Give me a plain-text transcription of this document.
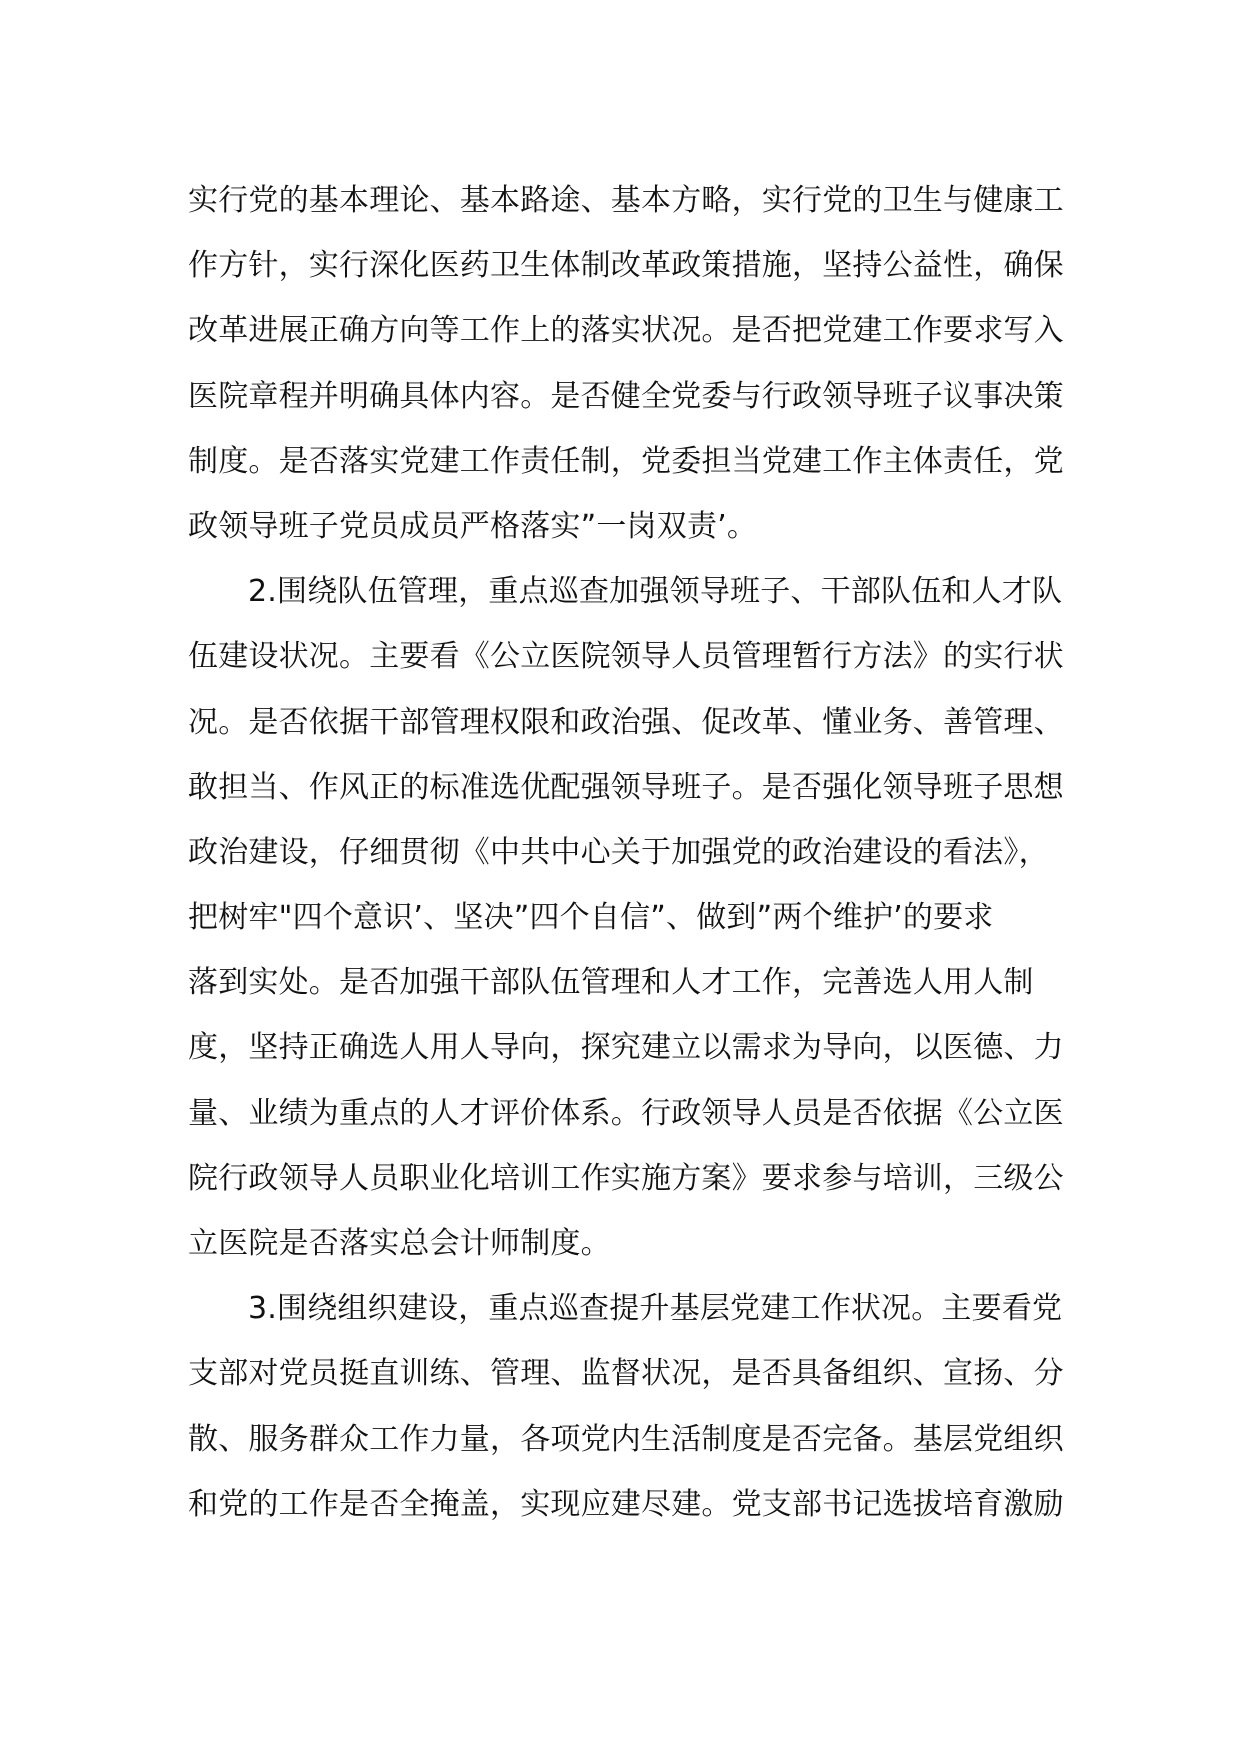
实行党的基本理论、基本路途、基本方略，实行党的卫生与健康工
作方针，实行深化医药卫生体制改革政策措施，坚持公益性，确保
改革进展正确方向等工作上的落实状况。是否把党建工作要求写入
医院章程并明确具体内容。是否健全党委与行政领导班子议事决策
制度。是否落实党建工作责任制，党委担当党建工作主体责任，党
政领导班子党员成员严格落实”一岗双责’。
2.围绕队伍管理，重点巡查加强领导班子、干部队伍和人才队
伍建设状况。主要看《公立医院领导人员管理暂行方法》的实行状
况。是否依据干部管理权限和政治强、促改革、懂业务、善管理、
敢担当、作风正的标准选优配强领导班子。是否强化领导班子思想
政治建设，仔细贯彻《中共中心关于加强党的政治建设的看法》，
把树牢"四个意识’、坚决”四个自信”、做到”两个维护’的要求
落到实处。是否加强干部队伍管理和人才工作，完善选人用人制
度，坚持正确选人用人导向，探究建立以需求为导向，以医德、力
量、业绩为重点的人才评价体系。行政领导人员是否依据《公立医
院行政领导人员职业化培训工作实施方案》要求参与培训，三级公
立医院是否落实总会计师制度。
3.围绕组织建设，重点巡查提升基层党建工作状况。主要看党
支部对党员挺直训练、管理、监督状况，是否具备组织、宣扬、分
散、服务群众工作力量，各项党内生活制度是否完备。基层党组织
和党的工作是否全掩盖，实现应建尽建。党支部书记选拔培育激励
